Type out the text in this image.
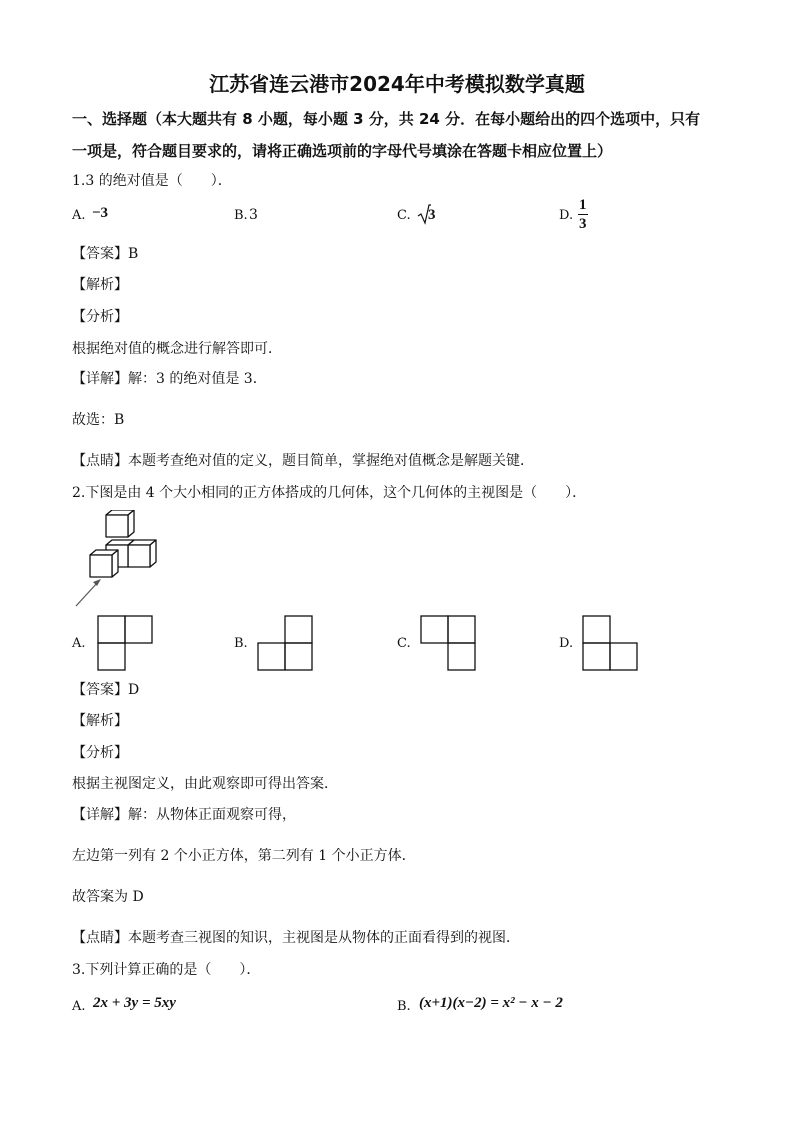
江苏省连云港市2024年中考模拟数学真题
一、选择题（本大题共有 8 小题，每小题 3 分，共 24 分．在每小题给出的四个选项中，只有
一项是，符合题目要求的，请将正确选项前的字母代号填涂在答题卡相应位置上）
1.3 的绝对值是（　　）．
A. −3	B. 3	C. 3	D. $\frac{1}{3}$
【答案】B
【解析】
【分析】
根据绝对值的概念进行解答即可．
【详解】解：3 的绝对值是 3．
故选：B
【点睛】本题考查绝对值的定义，题目简单，掌握绝对值概念是解题关键．
2.下图是由 4 个大小相同的正方体搭成的几何体，这个几何体的主视图是（　　）．
A.	B.	C.	D.
【答案】D
【解析】
【分析】
根据主视图定义，由此观察即可得出答案．
【详解】解：从物体正面观察可得，
左边第一列有 2 个小正方体，第二列有 1 个小正方体．
故答案为 D
【点睛】本题考查三视图的知识，主视图是从物体的正面看得到的视图．
3.下列计算正确的是（　　）．
A. 2x + 3y = 5xy	B. (x+1)(x−2) = x² − x − 2
